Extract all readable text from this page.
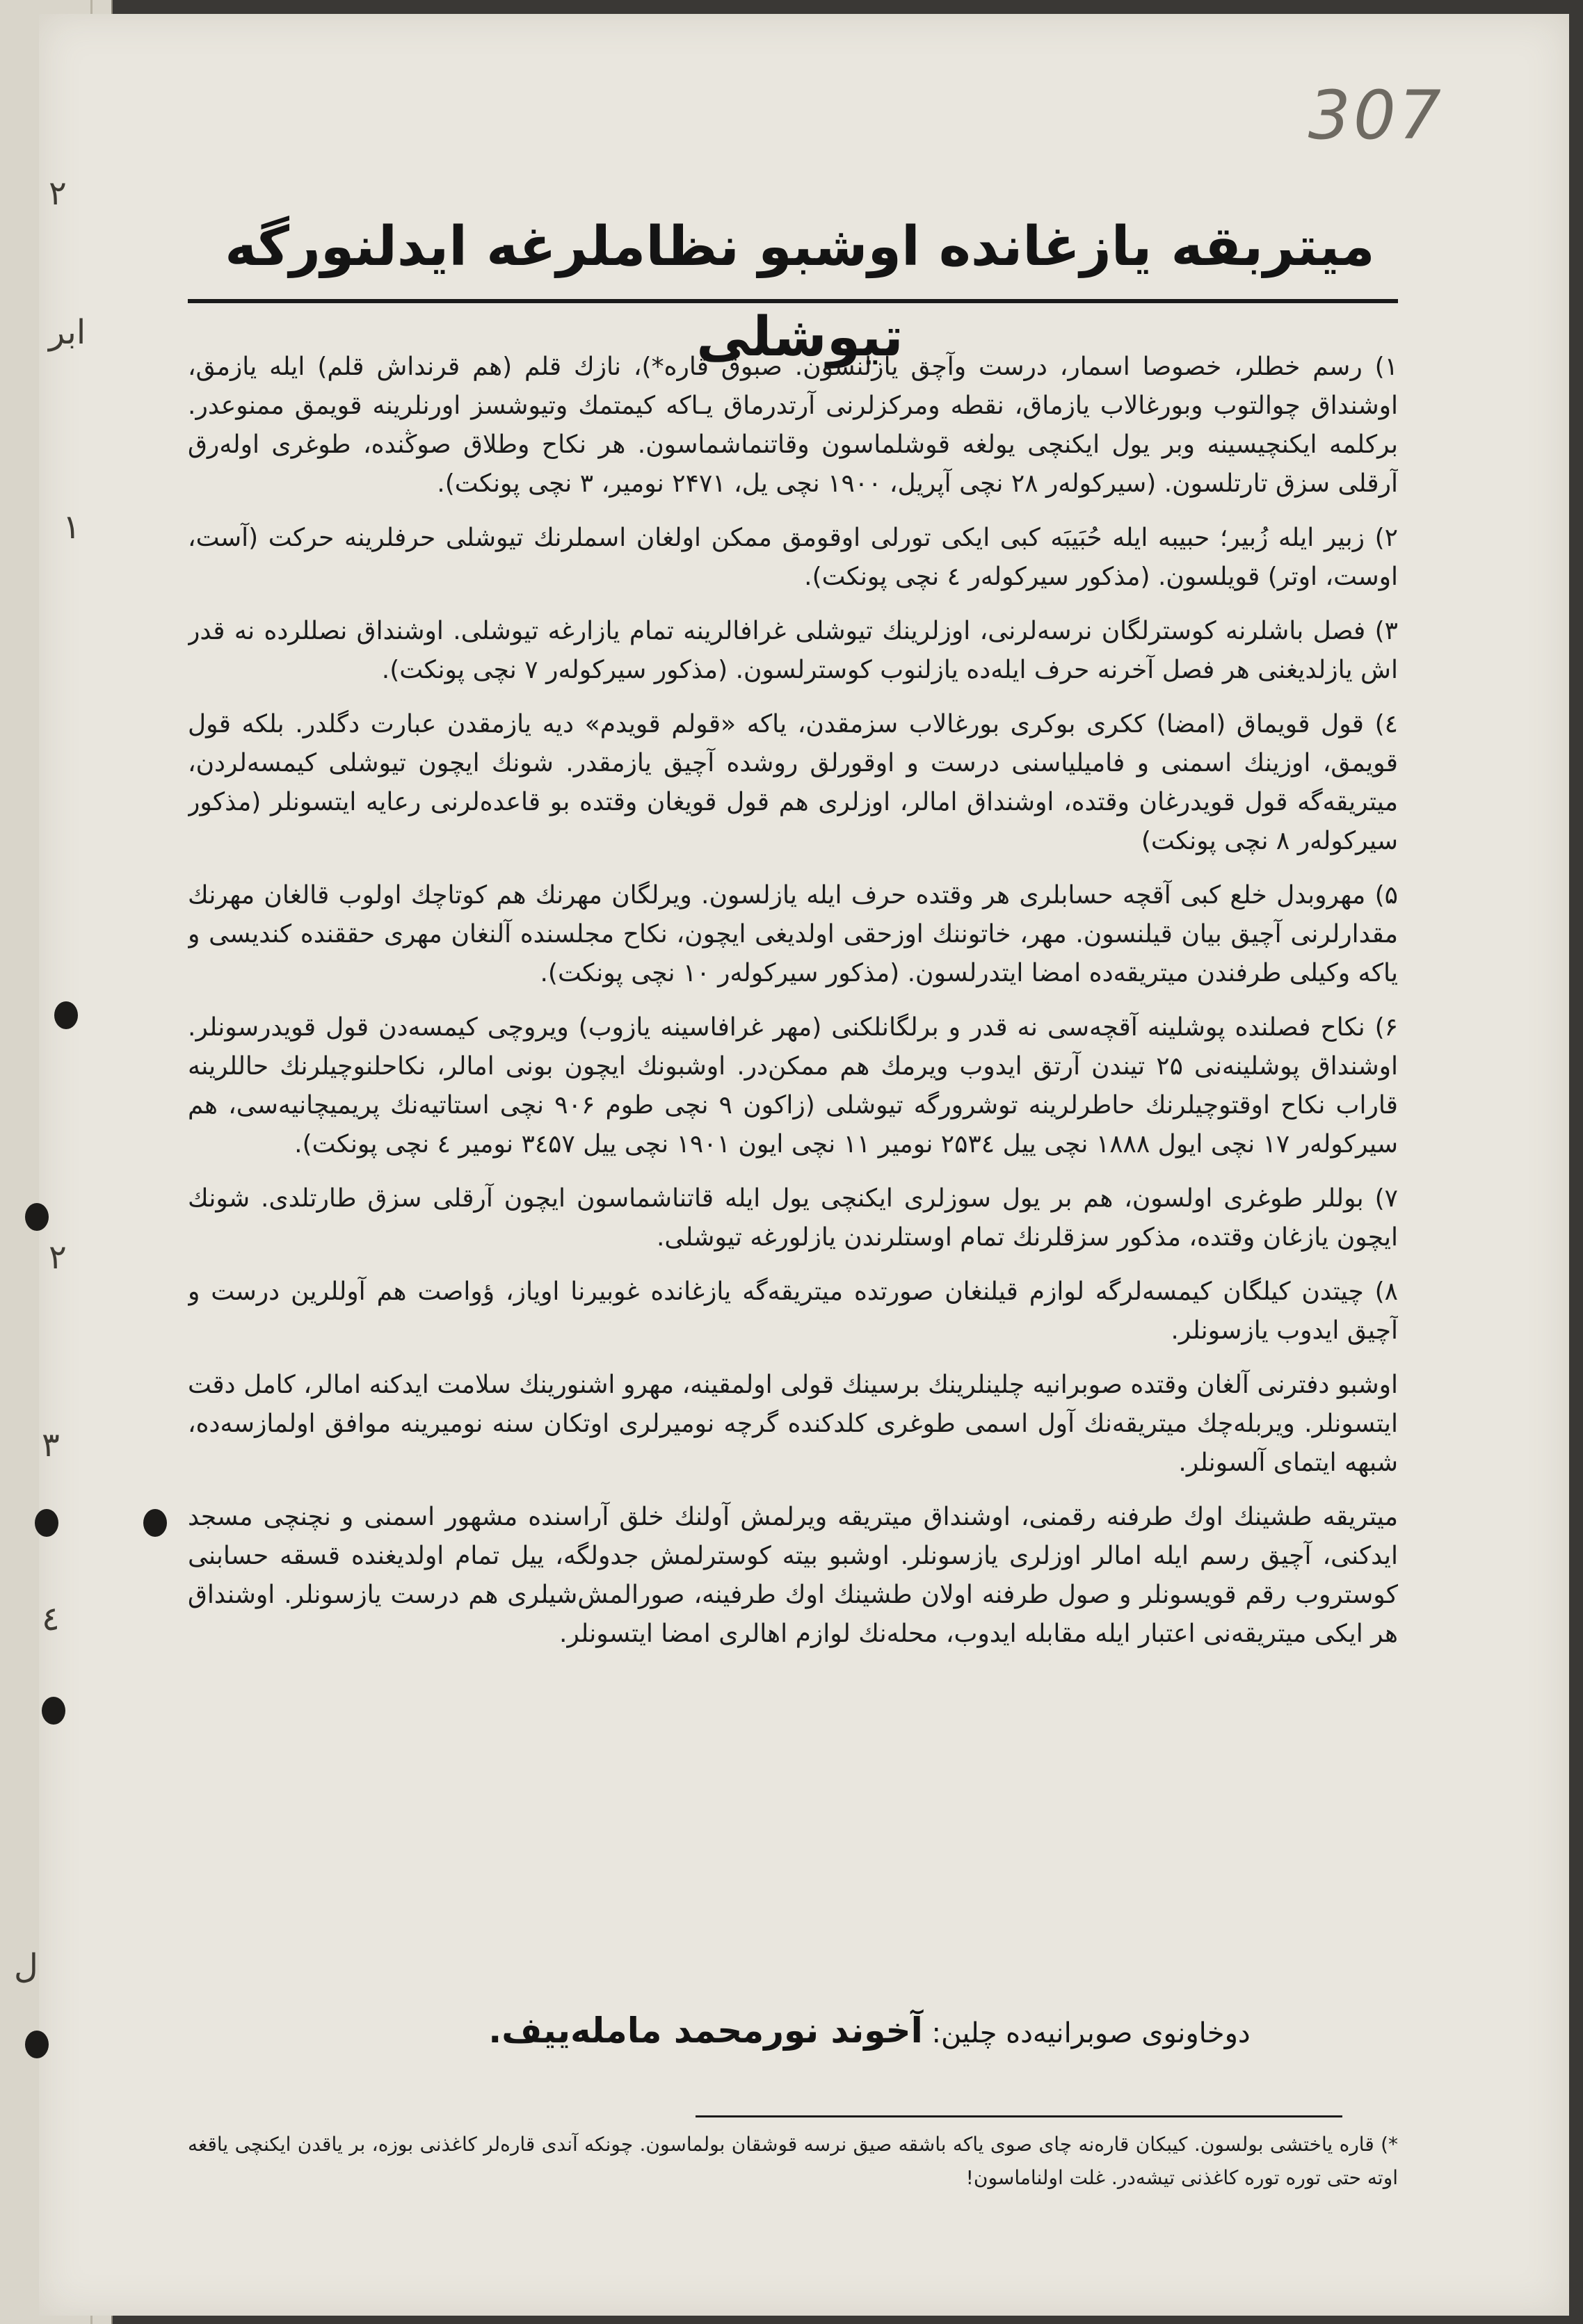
۲
ابر
۱
۲
۳
٤
ل
307
میتربقه یازغانده اوشبو نظاملرغه ایدلنورگه تیوشلی

۱) رسم خطلر، خصوصا اسمار، درست وآچق یازلنسون. صبوق قاره*)، نازك قلم (هم قرنداش قلم) ایله یازمق، اوشنداق چوالتوب وبورغالاب یازماق، نقطه ومرکزلرنی آرتدرماق یـاکه کیمتمك وتیوشسز اورنلرینه قویمق ممنوعدر. برکلمه ایکنچیسینه وبر یول ایکنچی یولغه قوشلماسون وقاتنماشماسون. هر نکاح وطلاق صوڭنده، طوغری اوله‌رق آرقلی سزق تارتلسون. (سیرکولەر ۲۸ نچی آپریل، ۱۹۰۰ نچی یل، ۲۴۷۱ نومیر، ۳ نچی پونکت).

۲) زبیر ایله زُبیر؛ حبیبه ایله حُبَیبَه کبی ایکی تورلی اوقومق ممکن اولغان اسملرنك تیوشلی حرفلرینه حرکت (آست، اوست، اوتر) قویلسون. (مذکور سیرکولەر ٤ نچی پونکت).

۳) فصل باشلرنه کوسترلگان نرسه‌لرنی، اوزلرینك تیوشلی غرافالرینه تمام یازارغه تیوشلی. اوشنداق نصللرده نه قدر اش یازلدیغنی هر فصل آخرنه حرف ایله‌ده یازلنوب کوسترلسون. (مذکور سیرکولەر ۷ نچی پونکت).

٤) قول قویماق (امضا) ککری بوکری بورغالاب سزمقدن، یاکه «قولم قویدم» دیه یازمقدن عبارت دگلدر. بلکه قول قویمق، اوزینك اسمنی و فامیلیاسنی درست و اوقورلق روشده آچیق یازمقدر. شونك ایچون تیوشلی کیمسه‌لردن، میتریقه‌گه قول قویدرغان وقتده، اوشنداق امالر، اوزلری هم قول قویغان وقتده بو قاعده‌لرنی رعایه ایتسونلر (مذکور سیرکولەر ۸ نچی پونکت)

۵) مهروبدل خلع کبی آقچه حسابلری هر وقتده حرف ایله یازلسون. ویرلگان مهرنك هم کوتاچك اولوب قالغان مهرنك مقدارلرنی آچیق بیان قیلنسون. مهر، خاتوننك اوزحقی اولدیغی ایچون، نکاح مجلسنده آلنغان مهری حققنده کندیسی و یاکه وکیلی طرفندن میتریقه‌ده امضا ایتدرلسون. (مذکور سیرکولەر ۱۰ نچی پونکت).

۶) نکاح فصلنده پوشلینه آقچه‌سی نه قدر و برلگانلکنی (مهر غرافاسینه یازوب) ویروچی کیمسه‌دن قول قویدرسونلر. اوشنداق پوشلینه‌نی ۲۵ تیندن آرتق ایدوب ویرمك هم ممکن‌در. اوشبونك ایچون بونی امالر، نکاحلنوچیلرنك حاللرینه قاراب نکاح اوقتوچیلرنك حاطرلرینه توشرورگه تیوشلی (زاکون ۹ نچی طوم ۹۰۶ نچی استاتیه‌نك پریمیچانیه‌سی، هم سیرکولەر ۱۷ نچی ایول ۱۸۸۸ نچی ییل ۲۵۳٤ نومیر ۱۱ نچی ایون ۱۹۰۱ نچی ییل ۳٤۵۷ نومیر ٤ نچی پونکت).

۷) بوللر طوغری اولسون، هم بر یول سوزلری ایکنچی یول ایله قاتناشماسون ایچون آرقلی سزق طارتلدی. شونك ایچون یازغان وقتده، مذکور سزقلرنك تمام اوستلرندن یازلورغه تیوشلی.

۸) چیتدن کیلگان کیمسه‌لرگه لوازم قیلنغان صورتده میتریقه‌گه یازغانده غوبیرنا اویاز، ؤواصت هم آوللرین درست و آچیق ایدوب یازسونلر.

اوشبو دفترنی آلغان وقتده صوبرانیه چلینلرینك برسینك قولی اولمقینه، مهرو اشنورینك سلامت ایدکنه امالر، کامل دقت ایتسونلر. ویربلەچك میتریقه‌نك آول اسمی طوغری کلدکنده گرچه نومیرلری اوتکان سنه نومیرینه موافق اولمازسه‌ده، شبهه ایتمای آلسونلر.

میتریقه طشینك اوك طرفنه رقمنی، اوشنداق میتریقه ویرلمش آولنك خلق آراسنده مشهور اسمنی و نچنچی مسجد ایدکنی، آچیق رسم ایله امالر اوزلری یازسونلر. اوشبو بیته کوسترلمش جدولگه، ییل تمام اولدیغنده قسقه حسابنی کوستروب رقم قویسونلر و صول طرفنه اولان طشینك اوك طرفینه، صورالمش‌شیلری هم درست یازسونلر. اوشنداق هر ایکی میتریقه‌نی اعتبار ایله مقابله ایدوب، محله‌نك لوازم اهالری امضا ایتسونلر.

دوخاونوی صوبرانیه‌ده چلین: آخوند نورمحمد مامله‌ییف.
*) قاره یاختشی بولسون. کیبکان قارەنه چای صوی یاکه باشقه صیق نرسه قوشقان بولماسون. چونکه آندی قارەلر کاغذنی بوزه، بر یاقدن ایکنچی یاقغه اوته حتی توره توره کاغذنی تیشه‌در. غلت اولناماسون!
